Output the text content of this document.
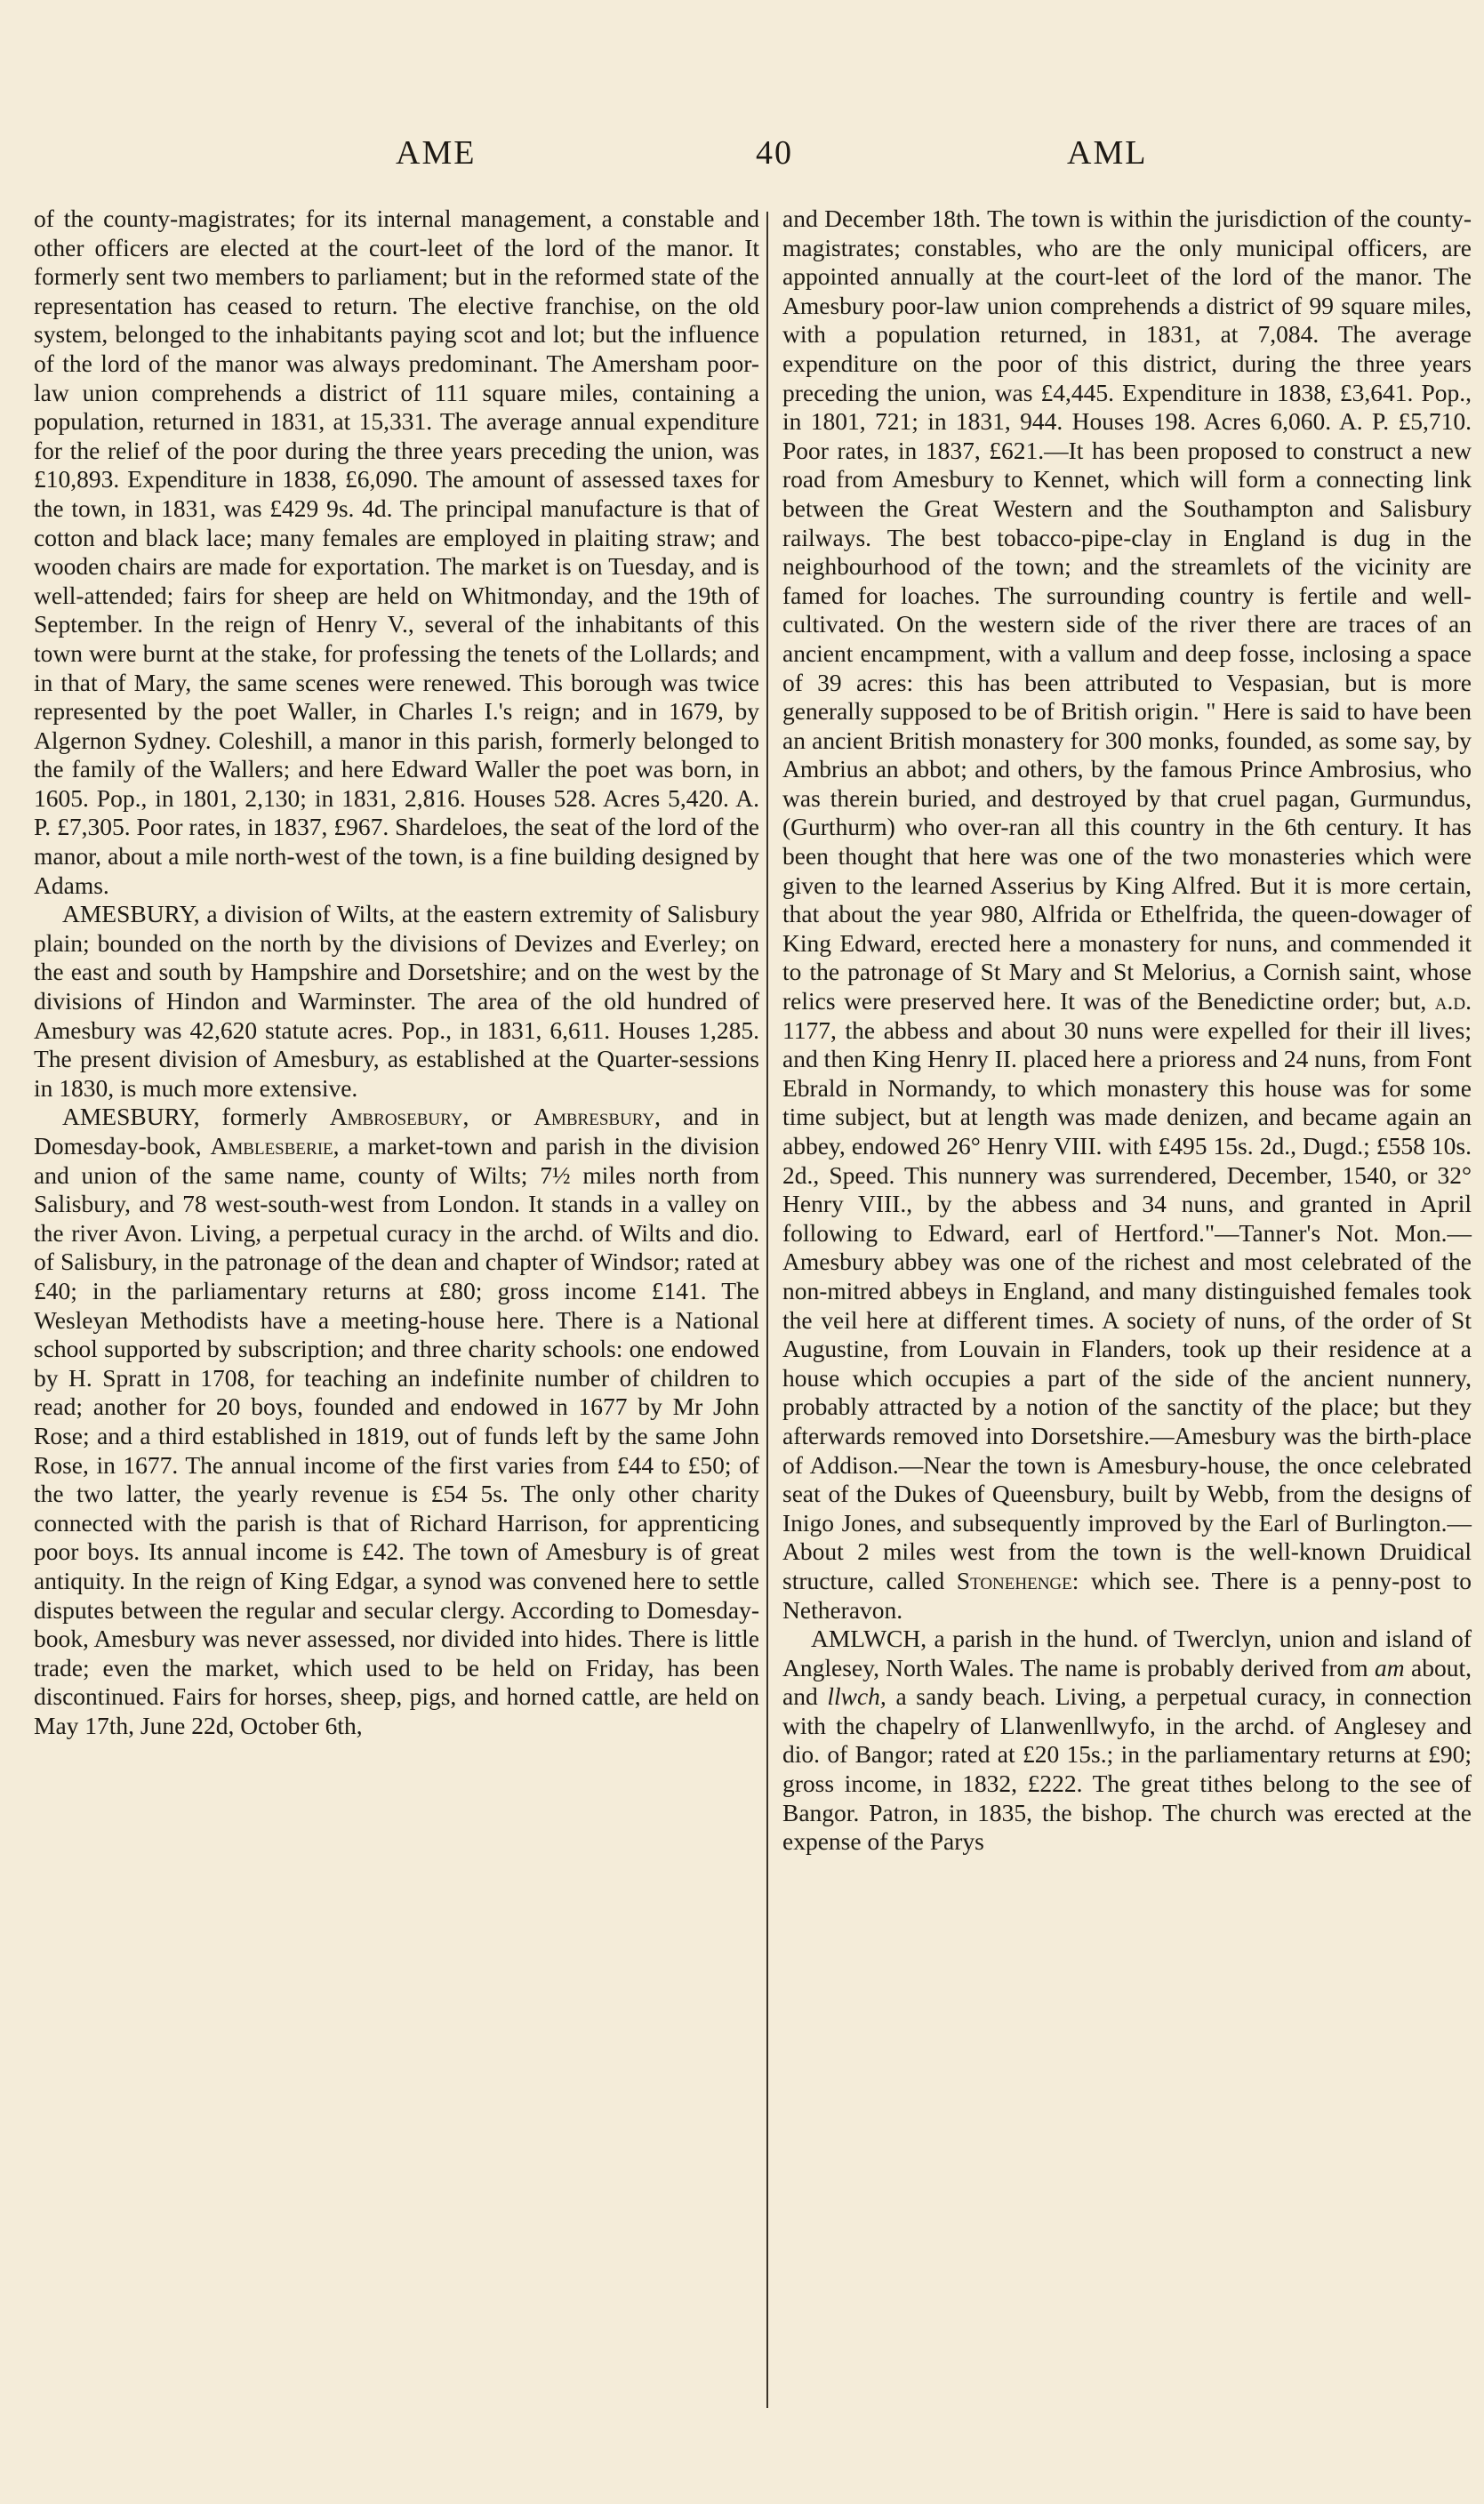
AME	40	AML

of the county-magistrates; for its internal management, a constable and other officers are elected at the court-leet of the lord of the manor. It formerly sent two members to parliament; but in the reformed state of the representation has ceased to return. The elective franchise, on the old system, belonged to the inhabitants paying scot and lot; but the influence of the lord of the manor was always predominant. The Amersham poor-law union comprehends a district of 111 square miles, containing a population, returned in 1831, at 15,331. The average annual expenditure for the relief of the poor during the three years preceding the union, was £10,893. Expenditure in 1838, £6,090. The amount of assessed taxes for the town, in 1831, was £429 9s. 4d. The principal manufacture is that of cotton and black lace; many females are employed in plaiting straw; and wooden chairs are made for exportation. The market is on Tuesday, and is well-attended; fairs for sheep are held on Whitmonday, and the 19th of September. In the reign of Henry V., several of the inhabitants of this town were burnt at the stake, for professing the tenets of the Lollards; and in that of Mary, the same scenes were renewed. This borough was twice represented by the poet Waller, in Charles I.'s reign; and in 1679, by Algernon Sydney. Coleshill, a manor in this parish, formerly belonged to the family of the Wallers; and here Edward Waller the poet was born, in 1605. Pop., in 1801, 2,130; in 1831, 2,816. Houses 528. Acres 5,420. A. P. £7,305. Poor rates, in 1837, £967. Shardeloes, the seat of the lord of the manor, about a mile north-west of the town, is a fine building designed by Adams.

AMESBURY, a division of Wilts, at the eastern extremity of Salisbury plain; bounded on the north by the divisions of Devizes and Everley; on the east and south by Hampshire and Dorsetshire; and on the west by the divisions of Hindon and Warminster. The area of the old hundred of Amesbury was 42,620 statute acres. Pop., in 1831, 6,611. Houses 1,285. The present division of Amesbury, as established at the Quarter-sessions in 1830, is much more extensive.

AMESBURY, formerly Ambrosebury, or Ambresbury, and in Domesday-book, Amblesberie, a market-town and parish in the division and union of the same name, county of Wilts; 7½ miles north from Salisbury, and 78 west-south-west from London. It stands in a valley on the river Avon. Living, a perpetual curacy in the archd. of Wilts and dio. of Salisbury, in the patronage of the dean and chapter of Windsor; rated at £40; in the parliamentary returns at £80; gross income £141. The Wesleyan Methodists have a meeting-house here. There is a National school supported by subscription; and three charity schools: one endowed by H. Spratt in 1708, for teaching an indefinite number of children to read; another for 20 boys, founded and endowed in 1677 by Mr John Rose; and a third established in 1819, out of funds left by the same John Rose, in 1677. The annual income of the first varies from £44 to £50; of the two latter, the yearly revenue is £54 5s. The only other charity connected with the parish is that of Richard Harrison, for apprenticing poor boys. Its annual income is £42. The town of Amesbury is of great antiquity. In the reign of King Edgar, a synod was convened here to settle disputes between the regular and secular clergy. According to Domesday-book, Amesbury was never assessed, nor divided into hides. There is little trade; even the market, which used to be held on Friday, has been discontinued. Fairs for horses, sheep, pigs, and horned cattle, are held on May 17th, June 22d, October 6th,

and December 18th. The town is within the jurisdiction of the county-magistrates; constables, who are the only municipal officers, are appointed annually at the court-leet of the lord of the manor. The Amesbury poor-law union comprehends a district of 99 square miles, with a population returned, in 1831, at 7,084. The average expenditure on the poor of this district, during the three years preceding the union, was £4,445. Expenditure in 1838, £3,641. Pop., in 1801, 721; in 1831, 944. Houses 198. Acres 6,060. A. P. £5,710. Poor rates, in 1837, £621.—It has been proposed to construct a new road from Amesbury to Kennet, which will form a connecting link between the Great Western and the Southampton and Salisbury railways. The best tobacco-pipe-clay in England is dug in the neighbourhood of the town; and the streamlets of the vicinity are famed for loaches. The surrounding country is fertile and well-cultivated. On the western side of the river there are traces of an ancient encampment, with a vallum and deep fosse, inclosing a space of 39 acres: this has been attributed to Vespasian, but is more generally supposed to be of British origin. " Here is said to have been an ancient British monastery for 300 monks, founded, as some say, by Ambrius an abbot; and others, by the famous Prince Ambrosius, who was therein buried, and destroyed by that cruel pagan, Gurmundus, (Gurthurm) who over-ran all this country in the 6th century. It has been thought that here was one of the two monasteries which were given to the learned Asserius by King Alfred. But it is more certain, that about the year 980, Alfrida or Ethelfrida, the queen-dowager of King Edward, erected here a monastery for nuns, and commended it to the patronage of St Mary and St Melorius, a Cornish saint, whose relics were preserved here. It was of the Benedictine order; but, a.d. 1177, the abbess and about 30 nuns were expelled for their ill lives; and then King Henry II. placed here a prioress and 24 nuns, from Font Ebrald in Normandy, to which monastery this house was for some time subject, but at length was made denizen, and became again an abbey, endowed 26° Henry VIII. with £495 15s. 2d., Dugd.; £558 10s. 2d., Speed. This nunnery was surrendered, December, 1540, or 32° Henry VIII., by the abbess and 34 nuns, and granted in April following to Edward, earl of Hertford."—Tanner's Not. Mon.—Amesbury abbey was one of the richest and most celebrated of the non-mitred abbeys in England, and many distinguished females took the veil here at different times. A society of nuns, of the order of St Augustine, from Louvain in Flanders, took up their residence at a house which occupies a part of the side of the ancient nunnery, probably attracted by a notion of the sanctity of the place; but they afterwards removed into Dorsetshire.—Amesbury was the birth-place of Addison.—Near the town is Amesbury-house, the once celebrated seat of the Dukes of Queensbury, built by Webb, from the designs of Inigo Jones, and subsequently improved by the Earl of Burlington.—About 2 miles west from the town is the well-known Druidical structure, called Stonehenge: which see. There is a penny-post to Netheravon.

AMLWCH, a parish in the hund. of Twerclyn, union and island of Anglesey, North Wales. The name is probably derived from am about, and llwch, a sandy beach. Living, a perpetual curacy, in connection with the chapelry of Llanwenllwyfo, in the archd. of Anglesey and dio. of Bangor; rated at £20 15s.; in the parliamentary returns at £90; gross income, in 1832, £222. The great tithes belong to the see of Bangor. Patron, in 1835, the bishop. The church was erected at the expense of the Parys
